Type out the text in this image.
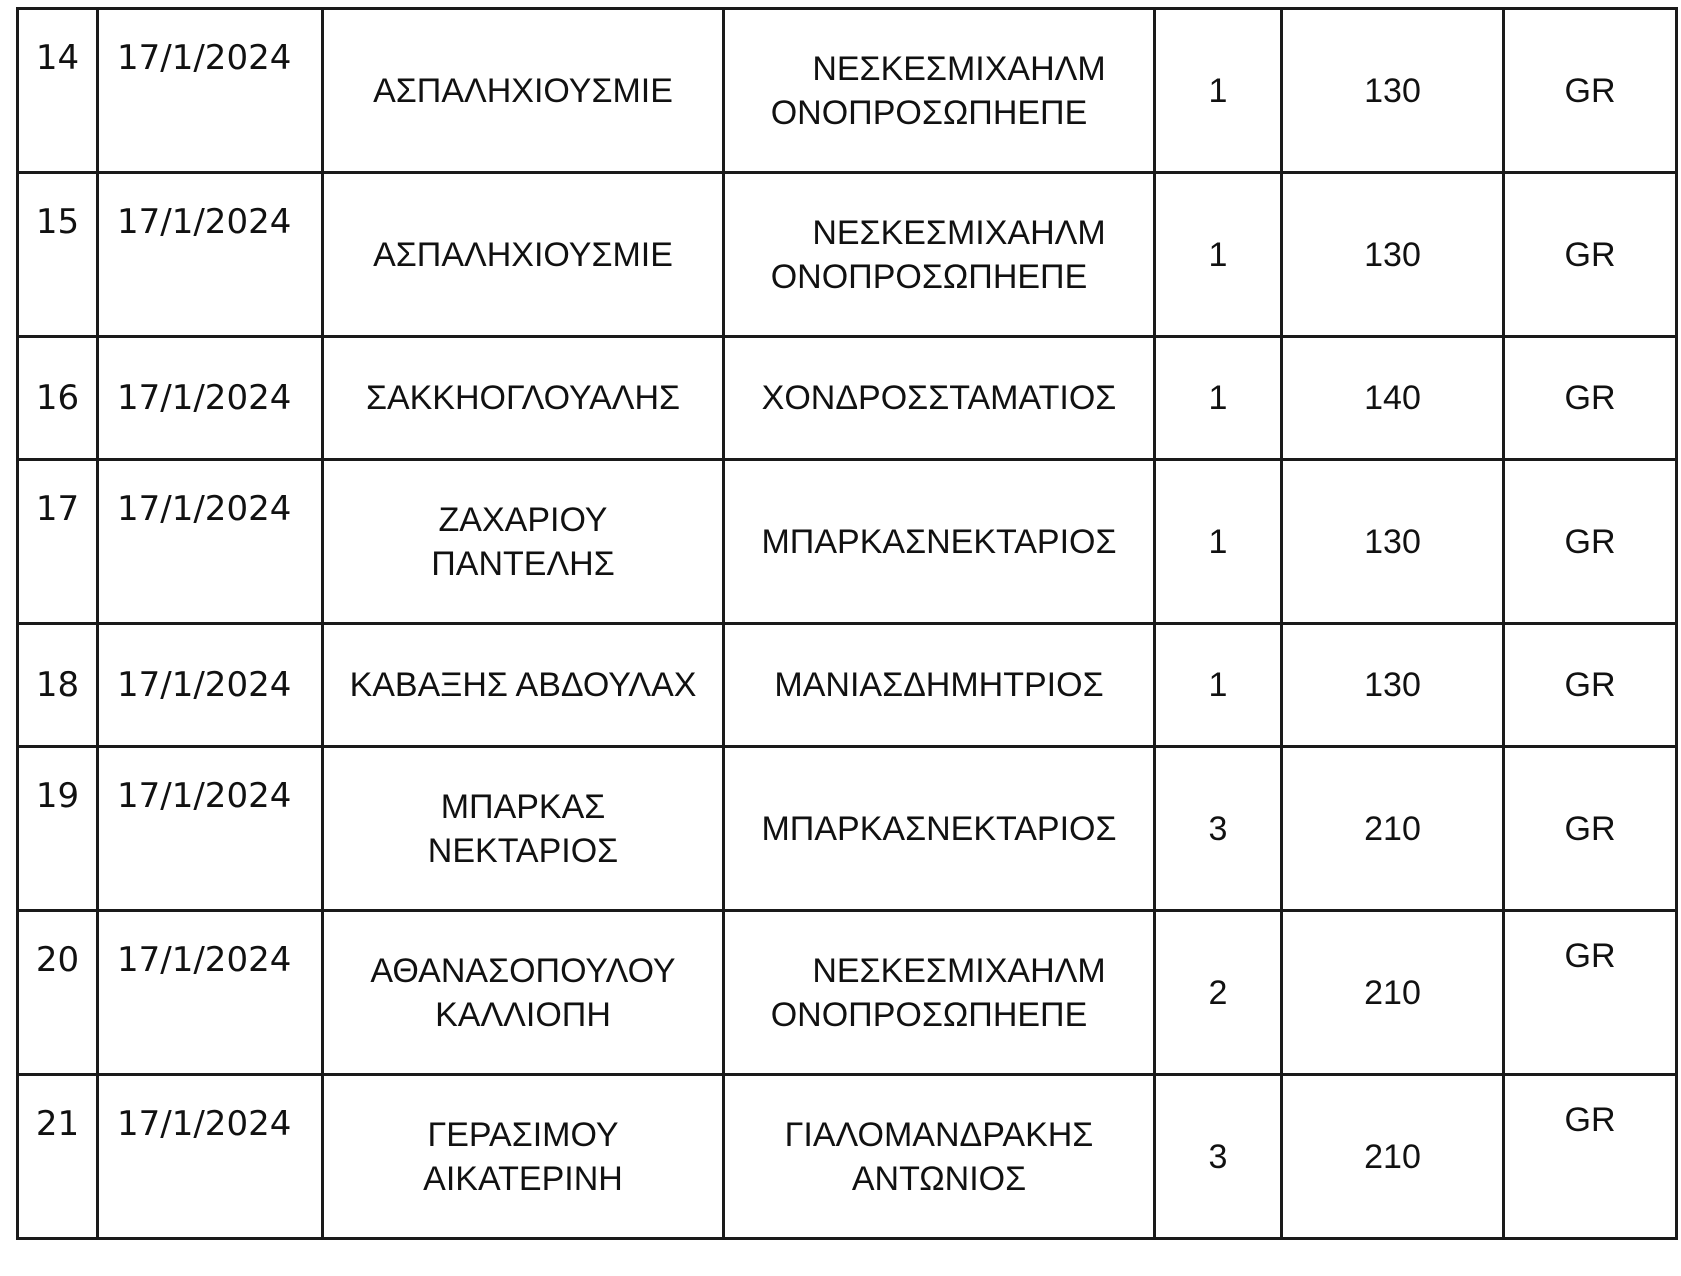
14	17/1/2024	ΑΣΠΑΛΗΧΙΟΥΣΜΙΕ	ΝΕΣΚΕΣΜΙΧΑΗΛΜ
ΟΝΟΠΡΟΣΩΠΗΕΠΕ	1	130	GR

15	17/1/2024	ΑΣΠΑΛΗΧΙΟΥΣΜΙΕ	ΝΕΣΚΕΣΜΙΧΑΗΛΜ
ΟΝΟΠΡΟΣΩΠΗΕΠΕ	1	130	GR

16	17/1/2024	ΣΑΚΚΗΟΓΛΟΥΑΛΗΣ	ΧΟΝΔΡΟΣΣΤΑΜΑΤΙΟΣ	1	140	GR

17	17/1/2024	ΖΑΧΑΡΙΟΥ
ΠΑΝΤΕΛΗΣ	ΜΠΑΡΚΑΣΝΕΚΤΑΡΙΟΣ	1	130	GR

18	17/1/2024	ΚΑΒΑΞΗΣ ΑΒΔΟΥΛΑΧ	ΜΑΝΙΑΣΔΗΜΗΤΡΙΟΣ	1	130	GR

19	17/1/2024	ΜΠΑΡΚΑΣ
ΝΕΚΤΑΡΙΟΣ	ΜΠΑΡΚΑΣΝΕΚΤΑΡΙΟΣ	3	210	GR

20	17/1/2024	ΑΘΑΝΑΣΟΠΟΥΛΟΥ
ΚΑΛΛΙΟΠΗ	ΝΕΣΚΕΣΜΙΧΑΗΛΜ
ΟΝΟΠΡΟΣΩΠΗΕΠΕ	2	210	GR

21	17/1/2024	ΓΕΡΑΣΙΜΟΥ
ΑΙΚΑΤΕΡΙΝΗ	ΓΙΑΛΟΜΑΝΔΡΑΚΗΣ
ΑΝΤΩΝΙΟΣ	3	210	GR
